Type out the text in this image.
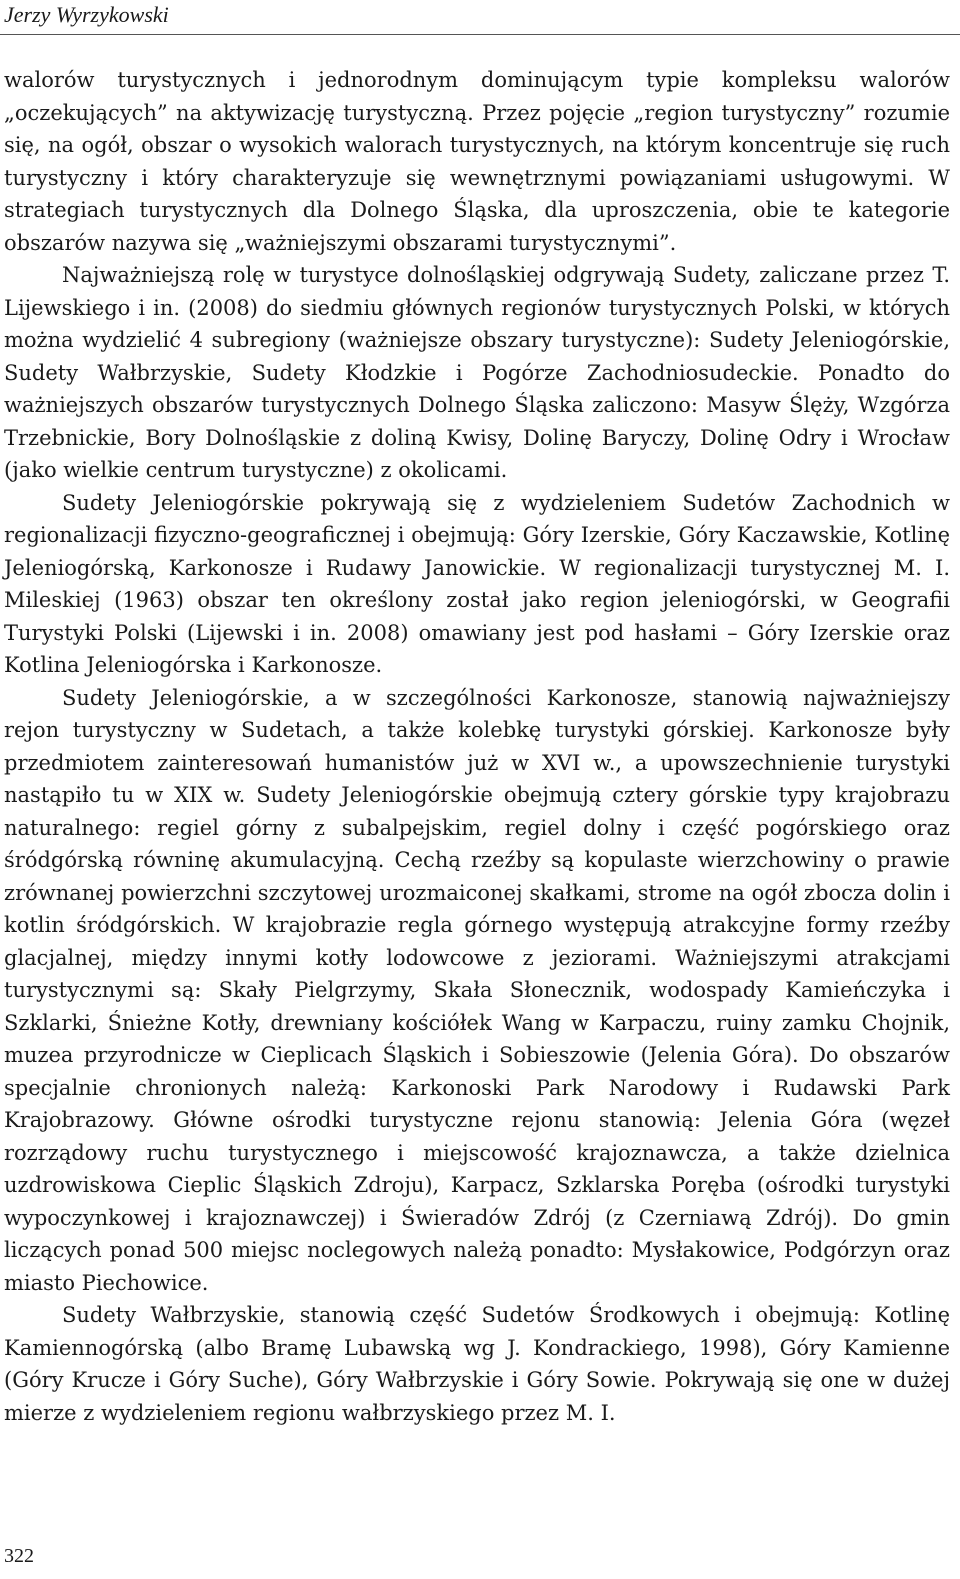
Jerzy Wyrzykowski

walorów turystycznych i jednorodnym dominującym typie kompleksu walorów „oczekujących” na aktywizację turystyczną. Przez pojęcie „region turystyczny” rozumie się, na ogół, obszar o wysokich walorach turystycznych, na którym koncentruje się ruch turystyczny i który charakteryzuje się wewnętrznymi powiązaniami usługowymi. W strategiach turystycznych dla Dolnego Śląska, dla uproszczenia, obie te kategorie obszarów nazywa się „ważniejszymi obszarami turystycznymi”.

Najważniejszą rolę w turystyce dolnośląskiej odgrywają Sudety, zaliczane przez T. Lijewskiego i in. (2008) do siedmiu głównych regionów turystycznych Polski, w których można wydzielić 4 subregiony (ważniejsze obszary turystyczne): Sudety Jeleniogórskie, Sudety Wałbrzyskie, Sudety Kłodzkie i Pogórze Zachodniosudeckie. Ponadto do ważniejszych obszarów turystycznych Dolnego Śląska zaliczono: Masyw Ślęży, Wzgórza Trzebnickie, Bory Dolnośląskie z doliną Kwisy, Dolinę Baryczy, Dolinę Odry i Wrocław (jako wielkie centrum turystyczne) z okolicami.

Sudety Jeleniogórskie pokrywają się z wydzieleniem Sudetów Zachodnich w regionalizacji fizyczno-geograficznej i obejmują: Góry Izerskie, Góry Kaczawskie, Kotlinę Jeleniogórską, Karkonosze i Rudawy Janowickie. W regionalizacji turystycznej M. I. Mileskiej (1963) obszar ten określony został jako region jeleniogórski, w Geografii Turystyki Polski (Lijewski i in. 2008) omawiany jest pod hasłami – Góry Izerskie oraz Kotlina Jeleniogórska i Karkonosze.

Sudety Jeleniogórskie, a w szczególności Karkonosze, stanowią najważniejszy rejon turystyczny w Sudetach, a także kolebkę turystyki górskiej. Karkonosze były przedmiotem zainteresowań humanistów już w XVI w., a upowszechnienie turystyki nastąpiło tu w XIX w. Sudety Jeleniogórskie obejmują cztery górskie typy krajobrazu naturalnego: regiel górny z subalpejskim, regiel dolny i część pogórskiego oraz śródgórską równinę akumulacyjną. Cechą rzeźby są kopulaste wierzchowiny o prawie zrównanej powierzchni szczytowej urozmaiconej skałkami, strome na ogół zbocza dolin i kotlin śródgórskich. W krajobrazie regla górnego występują atrakcyjne formy rzeźby glacjalnej, między innymi kotły lodowcowe z jeziorami. Ważniejszymi atrakcjami turystycznymi są: Skały Pielgrzymy, Skała Słonecznik, wodospady Kamieńczyka i Szklarki, Śnieżne Kotły, drewniany kościółek Wang w Karpaczu, ruiny zamku Chojnik, muzea przyrodnicze w Cieplicach Śląskich i Sobieszowie (Jelenia Góra). Do obszarów specjalnie chronionych należą: Karkonoski Park Narodowy i Rudawski Park Krajobrazowy. Główne ośrodki turystyczne rejonu stanowią: Jelenia Góra (węzeł rozrządowy ruchu turystycznego i miejscowość krajoznawcza, a także dzielnica uzdrowiskowa Cieplic Śląskich Zdroju), Karpacz, Szklarska Poręba (ośrodki turystyki wypoczynkowej i krajoznawczej) i Świeradów Zdrój (z Czerniawą Zdrój). Do gmin liczących ponad 500 miejsc noclegowych należą ponadto: Mysłakowice, Podgórzyn oraz miasto Piechowice.

Sudety Wałbrzyskie, stanowią część Sudetów Środkowych i obejmują: Kotlinę Kamiennogórską (albo Bramę Lubawską wg J. Kondrackiego, 1998), Góry Kamienne (Góry Krucze i Góry Suche), Góry Wałbrzyskie i Góry Sowie. Pokrywają się one w dużej mierze z wydzieleniem regionu wałbrzyskiego przez M. I.

322
